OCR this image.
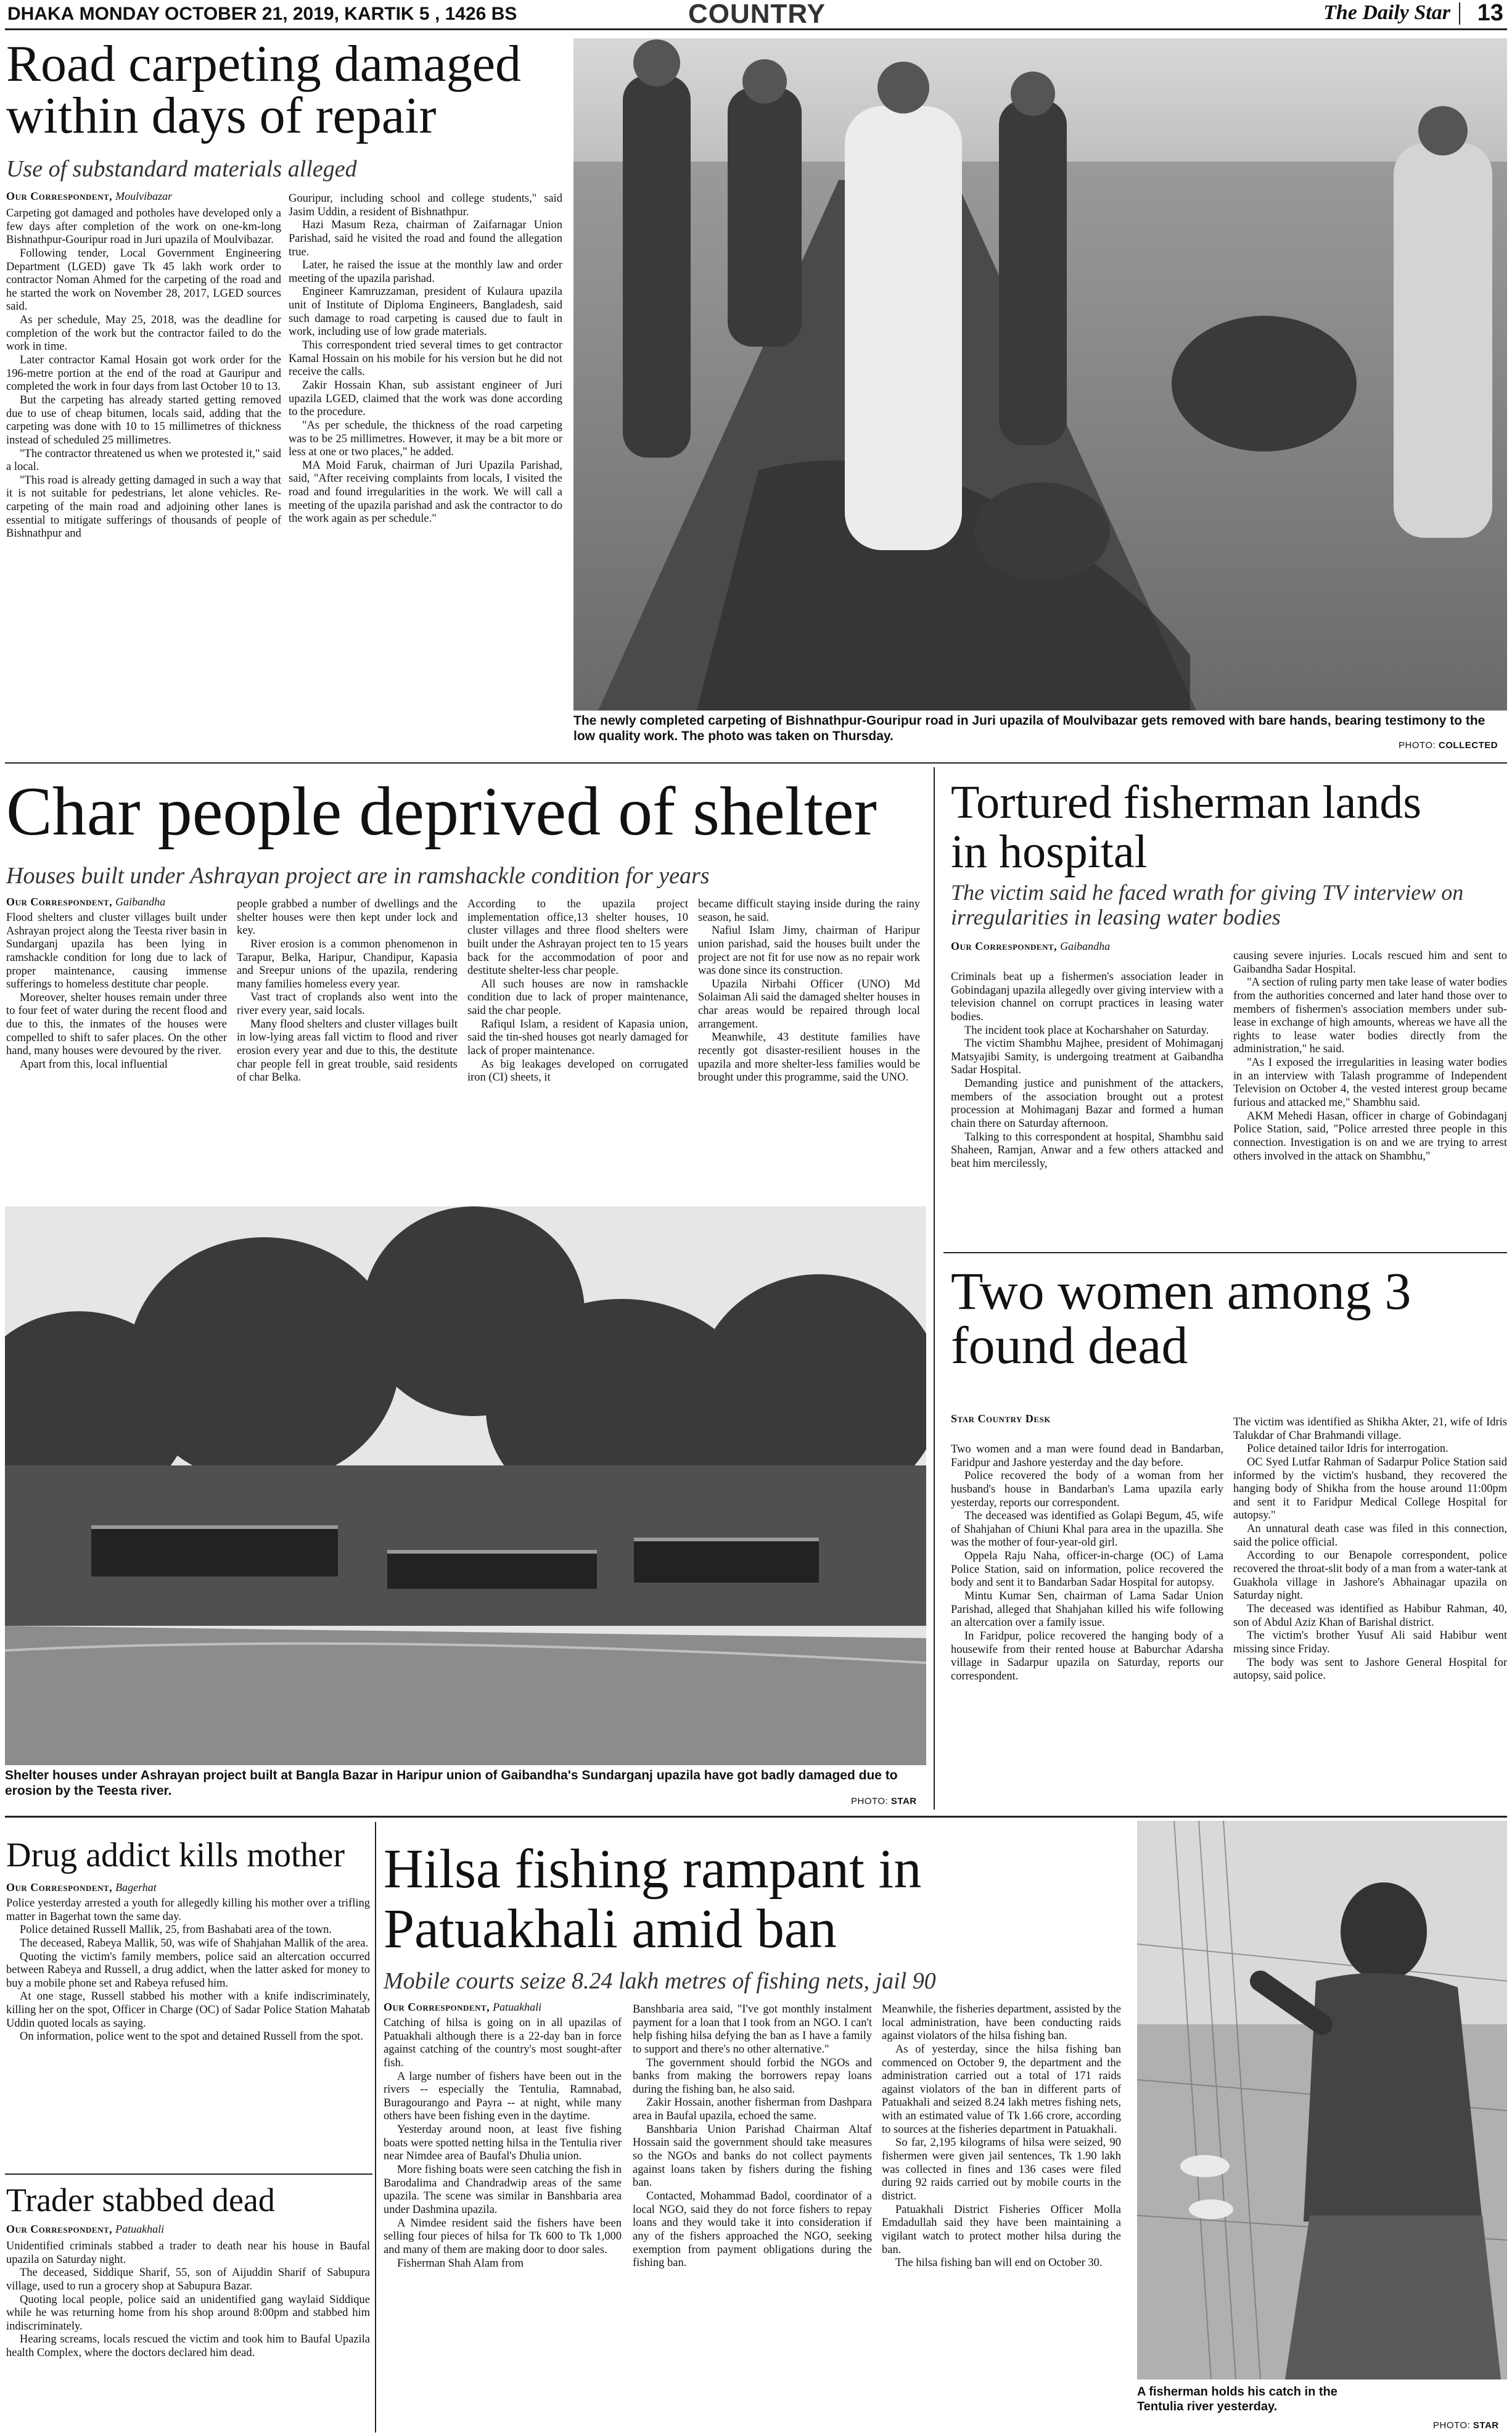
DHAKA MONDAY OCTOBER 21, 2019, KARTIK 5 , 1426 BS	COUNTRY	The Daily Star 13
Road carpeting damaged
within days of repair
Use of substandard materials alleged
Our Correspondent, Moulvibazar

Carpeting got damaged and potholes have developed only a few days after completion of the work on one-km-long Bishnathpur-Gouripur road in Juri upazila of Moulvibazar.

Following tender, Local Government Engineering Department (LGED) gave Tk 45 lakh work order to contractor Noman Ahmed for the carpeting of the road and he started the work on November 28, 2017, LGED sources said.

As per schedule, May 25, 2018, was the deadline for completion of the work but the contractor failed to do the work in time.

Later contractor Kamal Hosain got work order for the 196-metre portion at the end of the road at Gauripur and completed the work in four days from last October 10 to 13.

But the carpeting has already started getting removed due to use of cheap bitumen, locals said, adding that the carpeting was done with 10 to 15 millimetres of thickness instead of scheduled 25 millimetres.

"The contractor threatened us when we protested it," said a local.

"This road is already getting damaged in such a way that it is not suitable for pedestrians, let alone vehicles. Re-carpeting of the main road and adjoining other lanes is essential to mitigate sufferings of thousands of people of Bishnathpur and

Gouripur, including school and college students," said Jasim Uddin, a resident of Bishnathpur.

Hazi Masum Reza, chairman of Zaifarnagar Union Parishad, said he visited the road and found the allegation true.

Later, he raised the issue at the monthly law and order meeting of the upazila parishad.

Engineer Kamruzzaman, president of Kulaura upazila unit of Institute of Diploma Engineers, Bangladesh, said such damage to road carpeting is caused due to fault in work, including use of low grade materials.

This correspondent tried several times to get contractor Kamal Hossain on his mobile for his version but he did not receive the calls.

Zakir Hossain Khan, sub assistant engineer of Juri upazila LGED, claimed that the work was done according to the procedure.

"As per schedule, the thickness of the road carpeting was to be 25 millimetres. However, it may be a bit more or less at one or two places," he added.

MA Moid Faruk, chairman of Juri Upazila Parishad, said, "After receiving complaints from locals, I visited the road and found irregularities in the work. We will call a meeting of the upazila parishad and ask the contractor to do the work again as per schedule."

The newly completed carpeting of Bishnathpur-Gouripur road in Juri upazila of Moulvibazar gets removed with bare hands, bearing testimony to the low quality work. The photo was taken on Thursday.
PHOTO: COLLECTED
Char people deprived of shelter
Houses built under Ashrayan project are in ramshackle condition for years
Our Correspondent, Gaibandha

Flood shelters and cluster villages built under Ashrayan project along the Teesta river basin in Sundarganj upazila has been lying in ramshackle condition for long due to lack of proper maintenance, causing immense sufferings to homeless destitute char people.

Moreover, shelter houses remain under three to four feet of water during the recent flood and due to this, the inmates of the houses were compelled to shift to safer places. On the other hand, many houses were devoured by the river.

Apart from this, local influential

people grabbed a number of dwellings and the shelter houses were then kept under lock and key.

River erosion is a common phenomenon in Tarapur, Belka, Haripur, Chandipur, Kapasia and Sreepur unions of the upazila, rendering many families homeless every year.

Vast tract of croplands also went into the river every year, said locals.

Many flood shelters and cluster villages built in low-lying areas fall victim to flood and river erosion every year and due to this, the destitute char people fell in great trouble, said residents of char Belka.

According to the upazila project implementation office,13 shelter houses, 10 cluster villages and three flood shelters were built under the Ashrayan project ten to 15 years back for the accommodation of poor and destitute shelter-less char people.

All such houses are now in ramshackle condition due to lack of proper maintenance, said the char people.

Rafiqul Islam, a resident of Kapasia union, said the tin-shed houses got nearly damaged for lack of proper maintenance.

As big leakages developed on corrugated iron (CI) sheets, it

became difficult staying inside during the rainy season, he said.

Nafiul Islam Jimy, chairman of Haripur union parishad, said the houses built under the project are not fit for use now as no repair work was done since its construction.

Upazila Nirbahi Officer (UNO) Md Solaiman Ali said the damaged shelter houses in char areas would be repaired through local arrangement.

Meanwhile, 43 destitute families have recently got disaster-resilient houses in the upazila and more shelter-less families would be brought under this programme, said the UNO.

Shelter houses under Ashrayan project built at Bangla Bazar in Haripur union of Gaibandha's Sundarganj upazila have got badly damaged due to erosion by the Teesta river.
PHOTO: STAR
Tortured fisherman lands
in hospital
The victim said he faced wrath for giving TV interview on irregularities in leasing water bodies
Our Correspondent, Gaibandha

Criminals beat up a fishermen's association leader in Gobindaganj upazila allegedly over giving interview with a television channel on corrupt practices in leasing water bodies.

The incident took place at Kocharshaher on Saturday.

The victim Shambhu Majhee, president of Mohimaganj Matsyajibi Samity, is undergoing treatment at Gaibandha Sadar Hospital.

Demanding justice and punishment of the attackers, members of the association brought out a protest procession at Mohimaganj Bazar and formed a human chain there on Saturday afternoon.

Talking to this correspondent at hospital, Shambhu said Shaheen, Ramjan, Anwar and a few others attacked and beat him mercilessly,

causing severe injuries. Locals rescued him and sent to Gaibandha Sadar Hospital.

"A section of ruling party men take lease of water bodies from the authorities concerned and later hand those over to members of fishermen's association members under sub-lease in exchange of high amounts, whereas we have all the rights to lease water bodies directly from the administration," he said.

"As I exposed the irregularities in leasing water bodies in an interview with Talash programme of Independent Television on October 4, the vested interest group became furious and attacked me," Shambhu said.

AKM Mehedi Hasan, officer in charge of Gobindaganj Police Station, said, "Police arrested three people in this connection. Investigation is on and we are trying to arrest others involved in the attack on Shambhu,"

Two women among 3
found dead
Star Country Desk

Two women and a man were found dead in Bandarban, Faridpur and Jashore yesterday and the day before.

Police recovered the body of a woman from her husband's house in Bandarban's Lama upazila early yesterday, reports our correspondent.

The deceased was identified as Golapi Begum, 45, wife of Shahjahan of Chiuni Khal para area in the upazilla. She was the mother of four-year-old girl.

Oppela Raju Naha, officer-in-charge (OC) of Lama Police Station, said on information, police recovered the body and sent it to Bandarban Sadar Hospital for autopsy.

Mintu Kumar Sen, chairman of Lama Sadar Union Parishad, alleged that Shahjahan killed his wife following an altercation over a family issue.

In Faridpur, police recovered the hanging body of a housewife from their rented house at Baburchar Adarsha village in Sadarpur upazila on Saturday, reports our correspondent.

The victim was identified as Shikha Akter, 21, wife of Idris Talukdar of Char Brahmandi village.

Police detained tailor Idris for interrogation.

OC Syed Lutfar Rahman of Sadarpur Police Station said informed by the victim's husband, they recovered the hanging body of Shikha from the house around 11:00pm and sent it to Faridpur Medical College Hospital for autopsy."

An unnatural death case was filed in this connection, said the police official.

According to our Benapole correspondent, police recovered the throat-slit body of a man from a water-tank at Guakhola village in Jashore's Abhainagar upazila on Saturday night.

The deceased was identified as Habibur Rahman, 40, son of Abdul Aziz Khan of Barishal district.

The victim's brother Yusuf Ali said Habibur went missing since Friday.

The body was sent to Jashore General Hospital for autopsy, said police.

Drug addict kills mother
Our Correspondent, Bagerhat

Police yesterday arrested a youth for allegedly killing his mother over a trifling matter in Bagerhat town the same day.

Police detained Russell Mallik, 25, from Bashabati area of the town.

The deceased, Rabeya Mallik, 50, was wife of Shahjahan Mallik of the area.

Quoting the victim's family members, police said an altercation occurred between Rabeya and Russell, a drug addict, when the latter asked for money to buy a mobile phone set and Rabeya refused him.

At one stage, Russell stabbed his mother with a knife indiscriminately, killing her on the spot, Officer in Charge (OC) of Sadar Police Station Mahatab Uddin quoted locals as saying.

On information, police went to the spot and detained Russell from the spot.

Trader stabbed dead
Our Correspondent, Patuakhali

Unidentified criminals stabbed a trader to death near his house in Baufal upazila on Saturday night.

The deceased, Siddique Sharif, 55, son of Aijuddin Sharif of Sabupura village, used to run a grocery shop at Sabupura Bazar.

Quoting local people, police said an unidentified gang waylaid Siddique while he was returning home from his shop around 8:00pm and stabbed him indiscriminately.

Hearing screams, locals rescued the victim and took him to Baufal Upazila health Complex, where the doctors declared him dead.

Hilsa fishing rampant in
Patuakhali amid ban
Mobile courts seize 8.24 lakh metres of fishing nets, jail 90
Our Correspondent, Patuakhali

Catching of hilsa is going on in all upazilas of Patuakhali although there is a 22-day ban in force against catching of the country's most sought-after fish.

A large number of fishers have been out in the rivers -- especially the Tentulia, Ramnabad, Buragourango and Payra -- at night, while many others have been fishing even in the daytime.

Yesterday around noon, at least five fishing boats were spotted netting hilsa in the Tentulia river near Nimdee area of Baufal's Dhulia union.

More fishing boats were seen catching the fish in Barodalima and Chandradwip areas of the same upazila. The scene was similar in Banshbaria area under Dashmina upazila.

A Nimdee resident said the fishers have been selling four pieces of hilsa for Tk 600 to Tk 1,000 and many of them are making door to door sales.

Fisherman Shah Alam from

Banshbaria area said, "I've got monthly instalment payment for a loan that I took from an NGO. I can't help fishing hilsa defying the ban as I have a family to support and there's no other alternative."

The government should forbid the NGOs and banks from making the borrowers repay loans during the fishing ban, he also said.

Zakir Hossain, another fisherman from Dashpara area in Baufal upazila, echoed the same.

Banshbaria Union Parishad Chairman Altaf Hossain said the government should take measures so the NGOs and banks do not collect payments against loans taken by fishers during the fishing ban.

Contacted, Mohammad Badol, coordinator of a local NGO, said they do not force fishers to repay loans and they would take it into consideration if any of the fishers approached the NGO, seeking exemption from payment obligations during the fishing ban.

Meanwhile, the fisheries department, assisted by the local administration, have been conducting raids against violators of the hilsa fishing ban.

As of yesterday, since the hilsa fishing ban commenced on October 9, the department and the administration carried out a total of 171 raids against violators of the ban in different parts of Patuakhali and seized 8.24 lakh metres fishing nets, with an estimated value of Tk 1.66 crore, according to sources at the fisheries department in Patuakhali.

So far, 2,195 kilograms of hilsa were seized, 90 fishermen were given jail sentences, Tk 1.90 lakh was collected in fines and 136 cases were filed during 92 raids carried out by mobile courts in the district.

Patuakhali District Fisheries Officer Molla Emdadullah said they have been maintaining a vigilant watch to protect mother hilsa during the ban.

The hilsa fishing ban will end on October 30.

A fisherman holds his catch in the Tentulia river yesterday.
PHOTO: STAR
